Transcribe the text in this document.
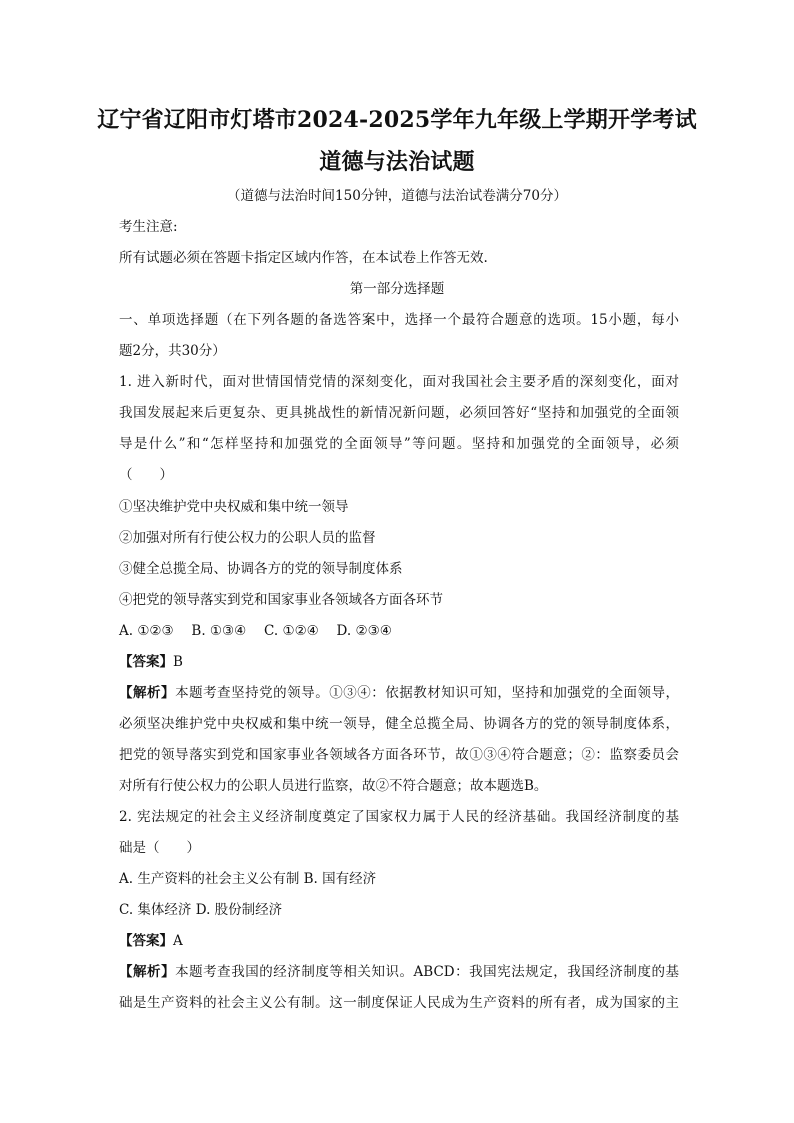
辽宁省辽阳市灯塔市2024-2025学年九年级上学期开学考试
道德与法治试题
（道德与法治时间150分钟，道德与法治试卷满分70分）
考生注意:
所有试题必须在答题卡指定区域内作答，在本试卷上作答无效.
第一部分选择题
一、单项选择题（在下列各题的备选答案中，选择一个最符合题意的选项。15小题，每小
题2分，共30分）
1. 进入新时代，面对世情国情党情的深刻变化，面对我国社会主要矛盾的深刻变化，面对
我国发展起来后更复杂、更具挑战性的新情况新问题，必须回答好“坚持和加强党的全面领
导是什么”和“怎样坚持和加强党的全面领导”等问题。坚持和加强党的全面领导，必须
（　　）
①坚决维护党中央权威和集中统一领导
②加强对所有行使公权力的公职人员的监督
③健全总揽全局、协调各方的党的领导制度体系
④把党的领导落实到党和国家事业各领域各方面各环节
A. ①②③　 B. ①③④　 C. ①②④　 D. ②③④
【答案】B
【解析】本题考查坚持党的领导。①③④：依据教材知识可知，坚持和加强党的全面领导，
必须坚决维护党中央权威和集中统一领导，健全总揽全局、协调各方的党的领导制度体系，
把党的领导落实到党和国家事业各领域各方面各环节，故①③④符合题意；②：监察委员会
对所有行使公权力的公职人员进行监察，故②不符合题意；故本题选B。
2. 宪法规定的社会主义经济制度奠定了国家权力属于人民的经济基础。我国经济制度的基
础是（　　）
A. 生产资料的社会主义公有制 B. 国有经济
C. 集体经济 D. 股份制经济
【答案】A
【解析】本题考查我国的经济制度等相关知识。ABCD：我国宪法规定，我国经济制度的基
础是生产资料的社会主义公有制。这一制度保证人民成为生产资料的所有者，成为国家的主
